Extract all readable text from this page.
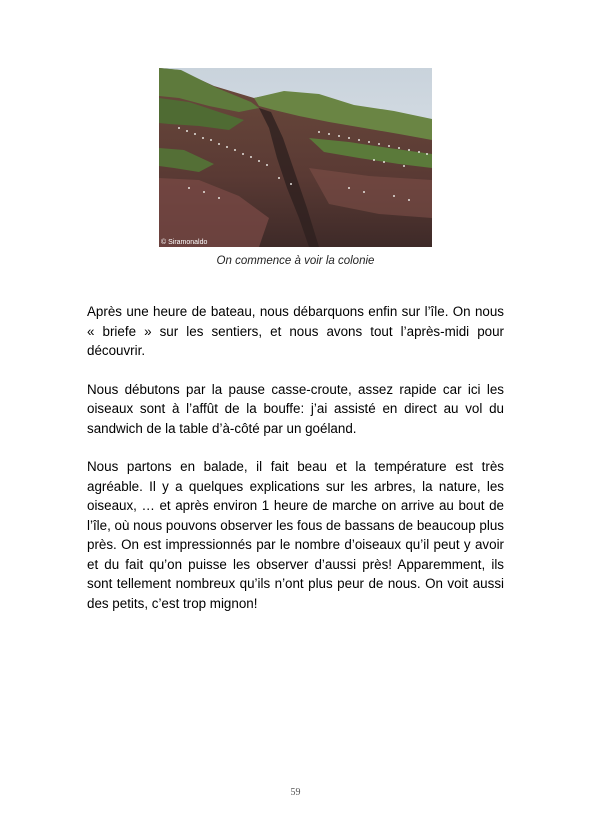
© Siramonaldo
On commence à voir la colonie

Après une heure de bateau, nous débarquons enfin sur l’île. On nous « briefe » sur les sentiers, et nous avons tout l’après-midi pour découvrir.

Nous débutons par la pause casse-croute, assez rapide car ici les oiseaux sont à l’affût de la bouffe: j’ai assisté en direct au vol du sandwich de la table d’à-côté par un goéland.

Nous partons en balade, il fait beau et la température est très agréable. Il y a quelques explications sur les arbres, la nature, les oiseaux, … et après environ 1 heure de marche on arrive au bout de l’île, où nous pouvons observer les fous de bassans de beaucoup plus près. On est impressionnés par le nombre d’oiseaux qu’il peut y avoir et du fait qu’on puisse les observer d’aussi près! Apparemment, ils sont tellement nombreux qu’ils n’ont plus peur de nous. On voit aussi des petits, c’est trop mignon!

59
